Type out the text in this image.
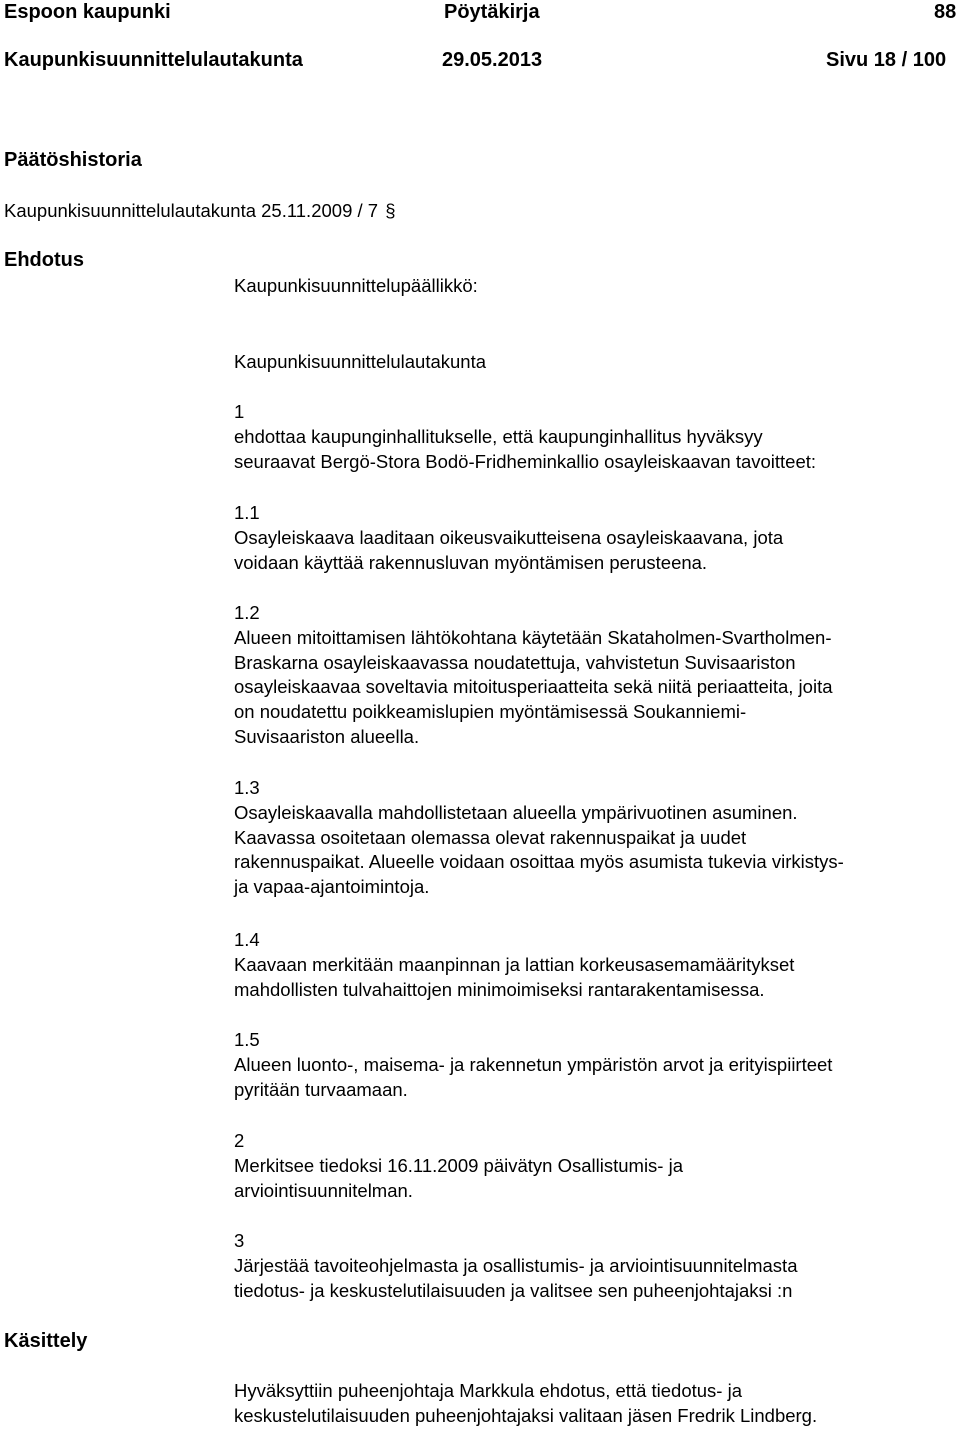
Espoon kaupunki	Pöytäkirja	88
Kaupunkisuunnittelulautakunta	29.05.2013	Sivu 18 / 100
Päätöshistoria
Kaupunkisuunnittelulautakunta 25.11.2009 / 7 §
Ehdotus
Kaupunkisuunnittelupäällikkö:
Kaupunkisuunnittelulautakunta

1

ehdottaa kaupunginhallitukselle, että kaupunginhallitus hyväksyy

seuraavat Bergö-Stora Bodö-Fridheminkallio osayleiskaavan tavoitteet:

1.1

Osayleiskaava laaditaan oikeusvaikutteisena osayleiskaavana, jota

voidaan käyttää rakennusluvan myöntämisen perusteena.

1.2

Alueen mitoittamisen lähtökohtana käytetään Skataholmen-Svartholmen-

Braskarna osayleiskaavassa noudatettuja, vahvistetun Suvisaariston

osayleiskaavaa soveltavia mitoitusperiaatteita sekä niitä periaatteita, joita

on noudatettu poikkeamislupien myöntämisessä Soukanniemi-

Suvisaariston alueella.

1.3

Osayleiskaavalla mahdollistetaan alueella ympärivuotinen asuminen.

Kaavassa osoitetaan olemassa olevat rakennuspaikat ja uudet

rakennuspaikat. Alueelle voidaan osoittaa myös asumista tukevia virkistys-

ja vapaa-ajantoimintoja.

1.4

Kaavaan merkitään maanpinnan ja lattian korkeusasemamääritykset

mahdollisten tulvahaittojen minimoimiseksi rantarakentamisessa.

1.5

Alueen luonto-, maisema- ja rakennetun ympäristön arvot ja erityispiirteet

pyritään turvaamaan.

2

Merkitsee tiedoksi 16.11.2009 päivätyn Osallistumis- ja

arviointisuunnitelman.

3

Järjestää tavoiteohjelmasta ja osallistumis- ja arviointisuunnitelmasta

tiedotus- ja keskustelutilaisuuden ja valitsee sen puheenjohtajaksi :n

Käsittely

Hyväksyttiin puheenjohtaja Markkula ehdotus, että tiedotus- ja

keskustelutilaisuuden puheenjohtajaksi valitaan jäsen Fredrik Lindberg.
